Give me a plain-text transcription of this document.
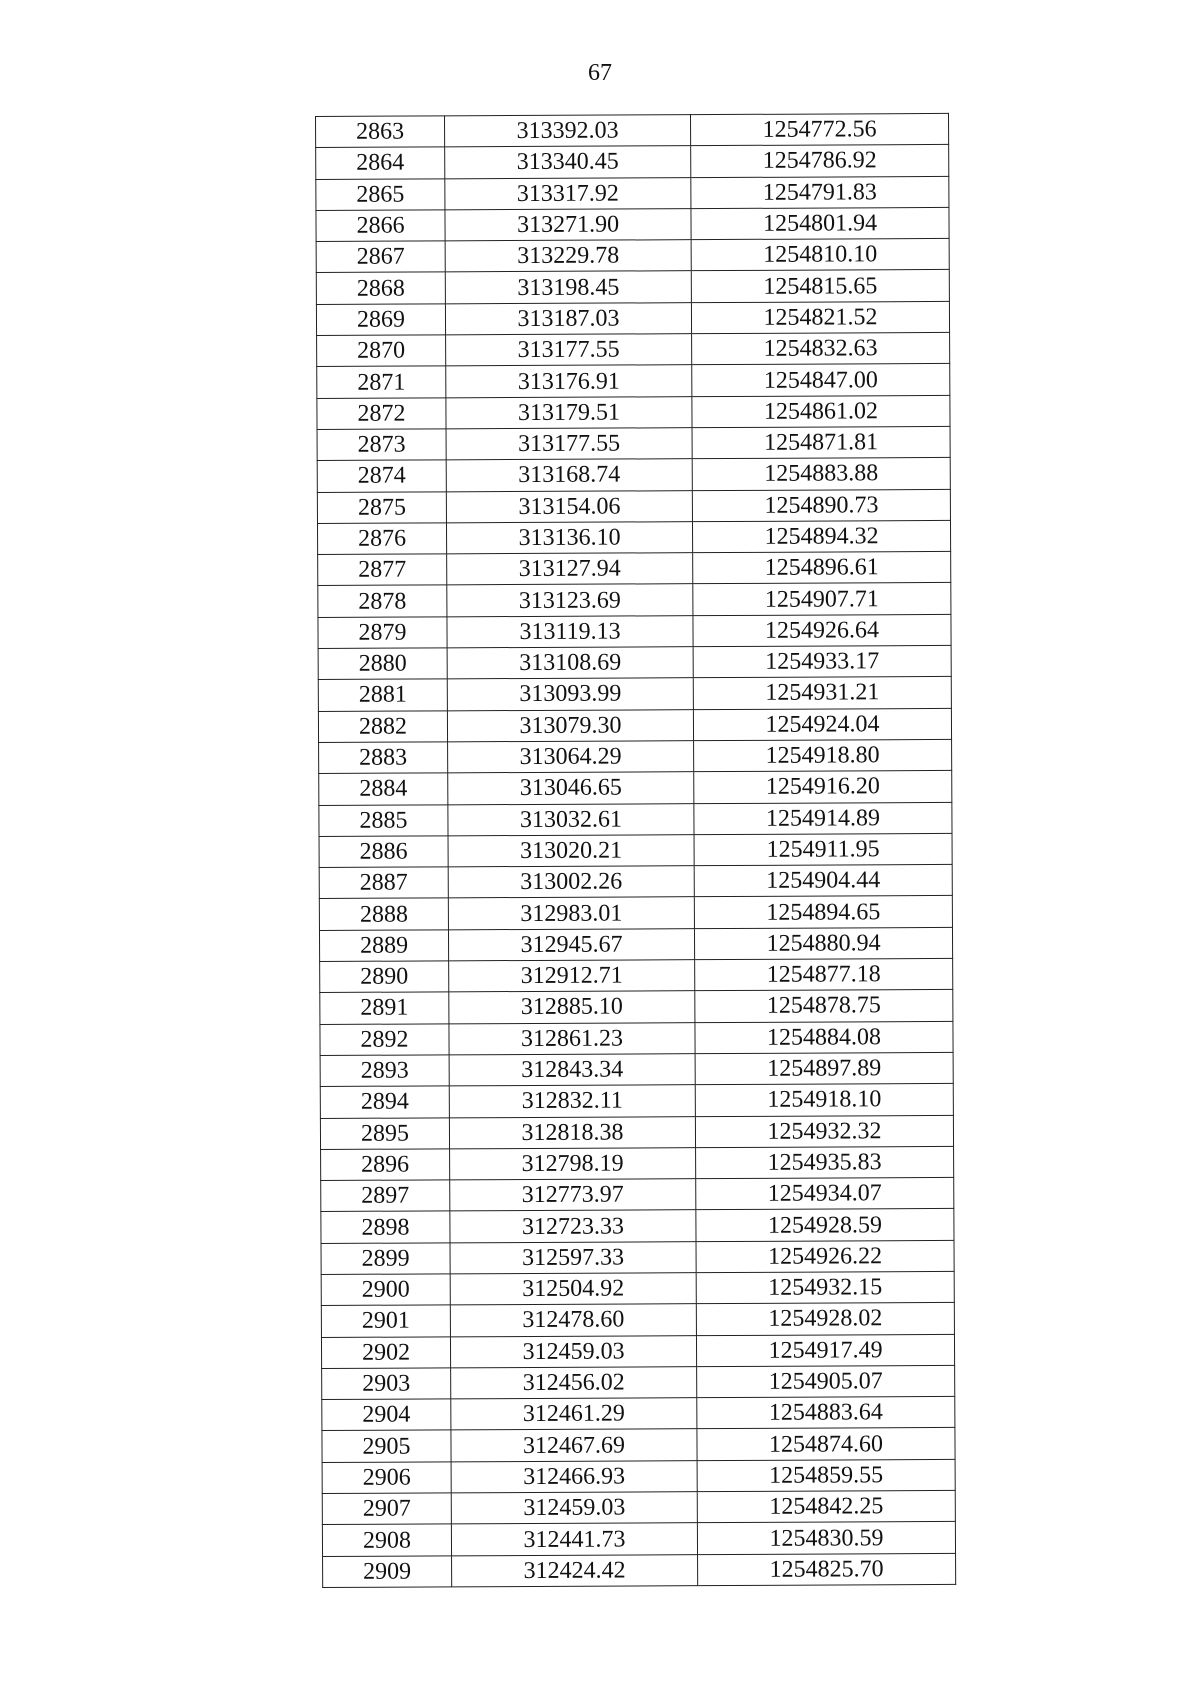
67
2863	313392.03	1254772.56
2864	313340.45	1254786.92
2865	313317.92	1254791.83
2866	313271.90	1254801.94
2867	313229.78	1254810.10
2868	313198.45	1254815.65
2869	313187.03	1254821.52
2870	313177.55	1254832.63
2871	313176.91	1254847.00
2872	313179.51	1254861.02
2873	313177.55	1254871.81
2874	313168.74	1254883.88
2875	313154.06	1254890.73
2876	313136.10	1254894.32
2877	313127.94	1254896.61
2878	313123.69	1254907.71
2879	313119.13	1254926.64
2880	313108.69	1254933.17
2881	313093.99	1254931.21
2882	313079.30	1254924.04
2883	313064.29	1254918.80
2884	313046.65	1254916.20
2885	313032.61	1254914.89
2886	313020.21	1254911.95
2887	313002.26	1254904.44
2888	312983.01	1254894.65
2889	312945.67	1254880.94
2890	312912.71	1254877.18
2891	312885.10	1254878.75
2892	312861.23	1254884.08
2893	312843.34	1254897.89
2894	312832.11	1254918.10
2895	312818.38	1254932.32
2896	312798.19	1254935.83
2897	312773.97	1254934.07
2898	312723.33	1254928.59
2899	312597.33	1254926.22
2900	312504.92	1254932.15
2901	312478.60	1254928.02
2902	312459.03	1254917.49
2903	312456.02	1254905.07
2904	312461.29	1254883.64
2905	312467.69	1254874.60
2906	312466.93	1254859.55
2907	312459.03	1254842.25
2908	312441.73	1254830.59
2909	312424.42	1254825.70
